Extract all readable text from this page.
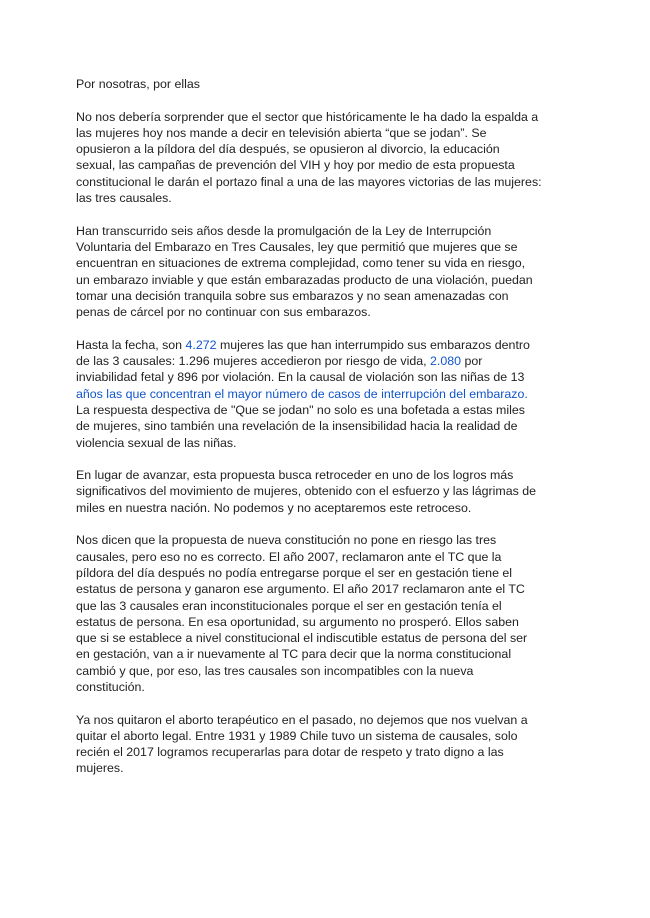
Por nosotras, por ellas
No nos debería sorprender que el sector que históricamente le ha dado la espalda a
las mujeres hoy nos mande a decir en televisión abierta “que se jodan”. Se
opusieron a la píldora del día después, se opusieron al divorcio, la educación
sexual, las campañas de prevención del VIH y hoy por medio de esta propuesta
constitucional le darán el portazo final a una de las mayores victorias de las mujeres:
las tres causales.
Han transcurrido seis años desde la promulgación de la Ley de Interrupción
Voluntaria del Embarazo en Tres Causales, ley que permitió que mujeres que se
encuentran en situaciones de extrema complejidad, como tener su vida en riesgo,
un embarazo inviable y que están embarazadas producto de una violación, puedan
tomar una decisión tranquila sobre sus embarazos y no sean amenazadas con
penas de cárcel por no continuar con sus embarazos.
Hasta la fecha, son 4.272 mujeres las que han interrumpido sus embarazos dentro
de las 3 causales: 1.296 mujeres accedieron por riesgo de vida, 2.080 por
inviabilidad fetal y 896 por violación. En la causal de violación son las niñas de 13
años las que concentran el mayor número de casos de interrupción del embarazo.
La respuesta despectiva de "Que se jodan" no solo es una bofetada a estas miles
de mujeres, sino también una revelación de la insensibilidad hacia la realidad de
violencia sexual de las niñas.
En lugar de avanzar, esta propuesta busca retroceder en uno de los logros más
significativos del movimiento de mujeres, obtenido con el esfuerzo y las lágrimas de
miles en nuestra nación. No podemos y no aceptaremos este retroceso.
Nos dicen que la propuesta de nueva constitución no pone en riesgo las tres
causales, pero eso no es correcto. El año 2007, reclamaron ante el TC que la
píldora del día después no podía entregarse porque el ser en gestación tiene el
estatus de persona y ganaron ese argumento. El año 2017 reclamaron ante el TC
que las 3 causales eran inconstitucionales porque el ser en gestación tenía el
estatus de persona. En esa oportunidad, su argumento no prosperó. Ellos saben
que si se establece a nivel constitucional el indiscutible estatus de persona del ser
en gestación, van a ir nuevamente al TC para decir que la norma constitucional
cambió y que, por eso, las tres causales son incompatibles con la nueva
constitución.
Ya nos quitaron el aborto terapéutico en el pasado, no dejemos que nos vuelvan a
quitar el aborto legal. Entre 1931 y 1989 Chile tuvo un sistema de causales, solo
recién el 2017 logramos recuperarlas para dotar de respeto y trato digno a las
mujeres.
